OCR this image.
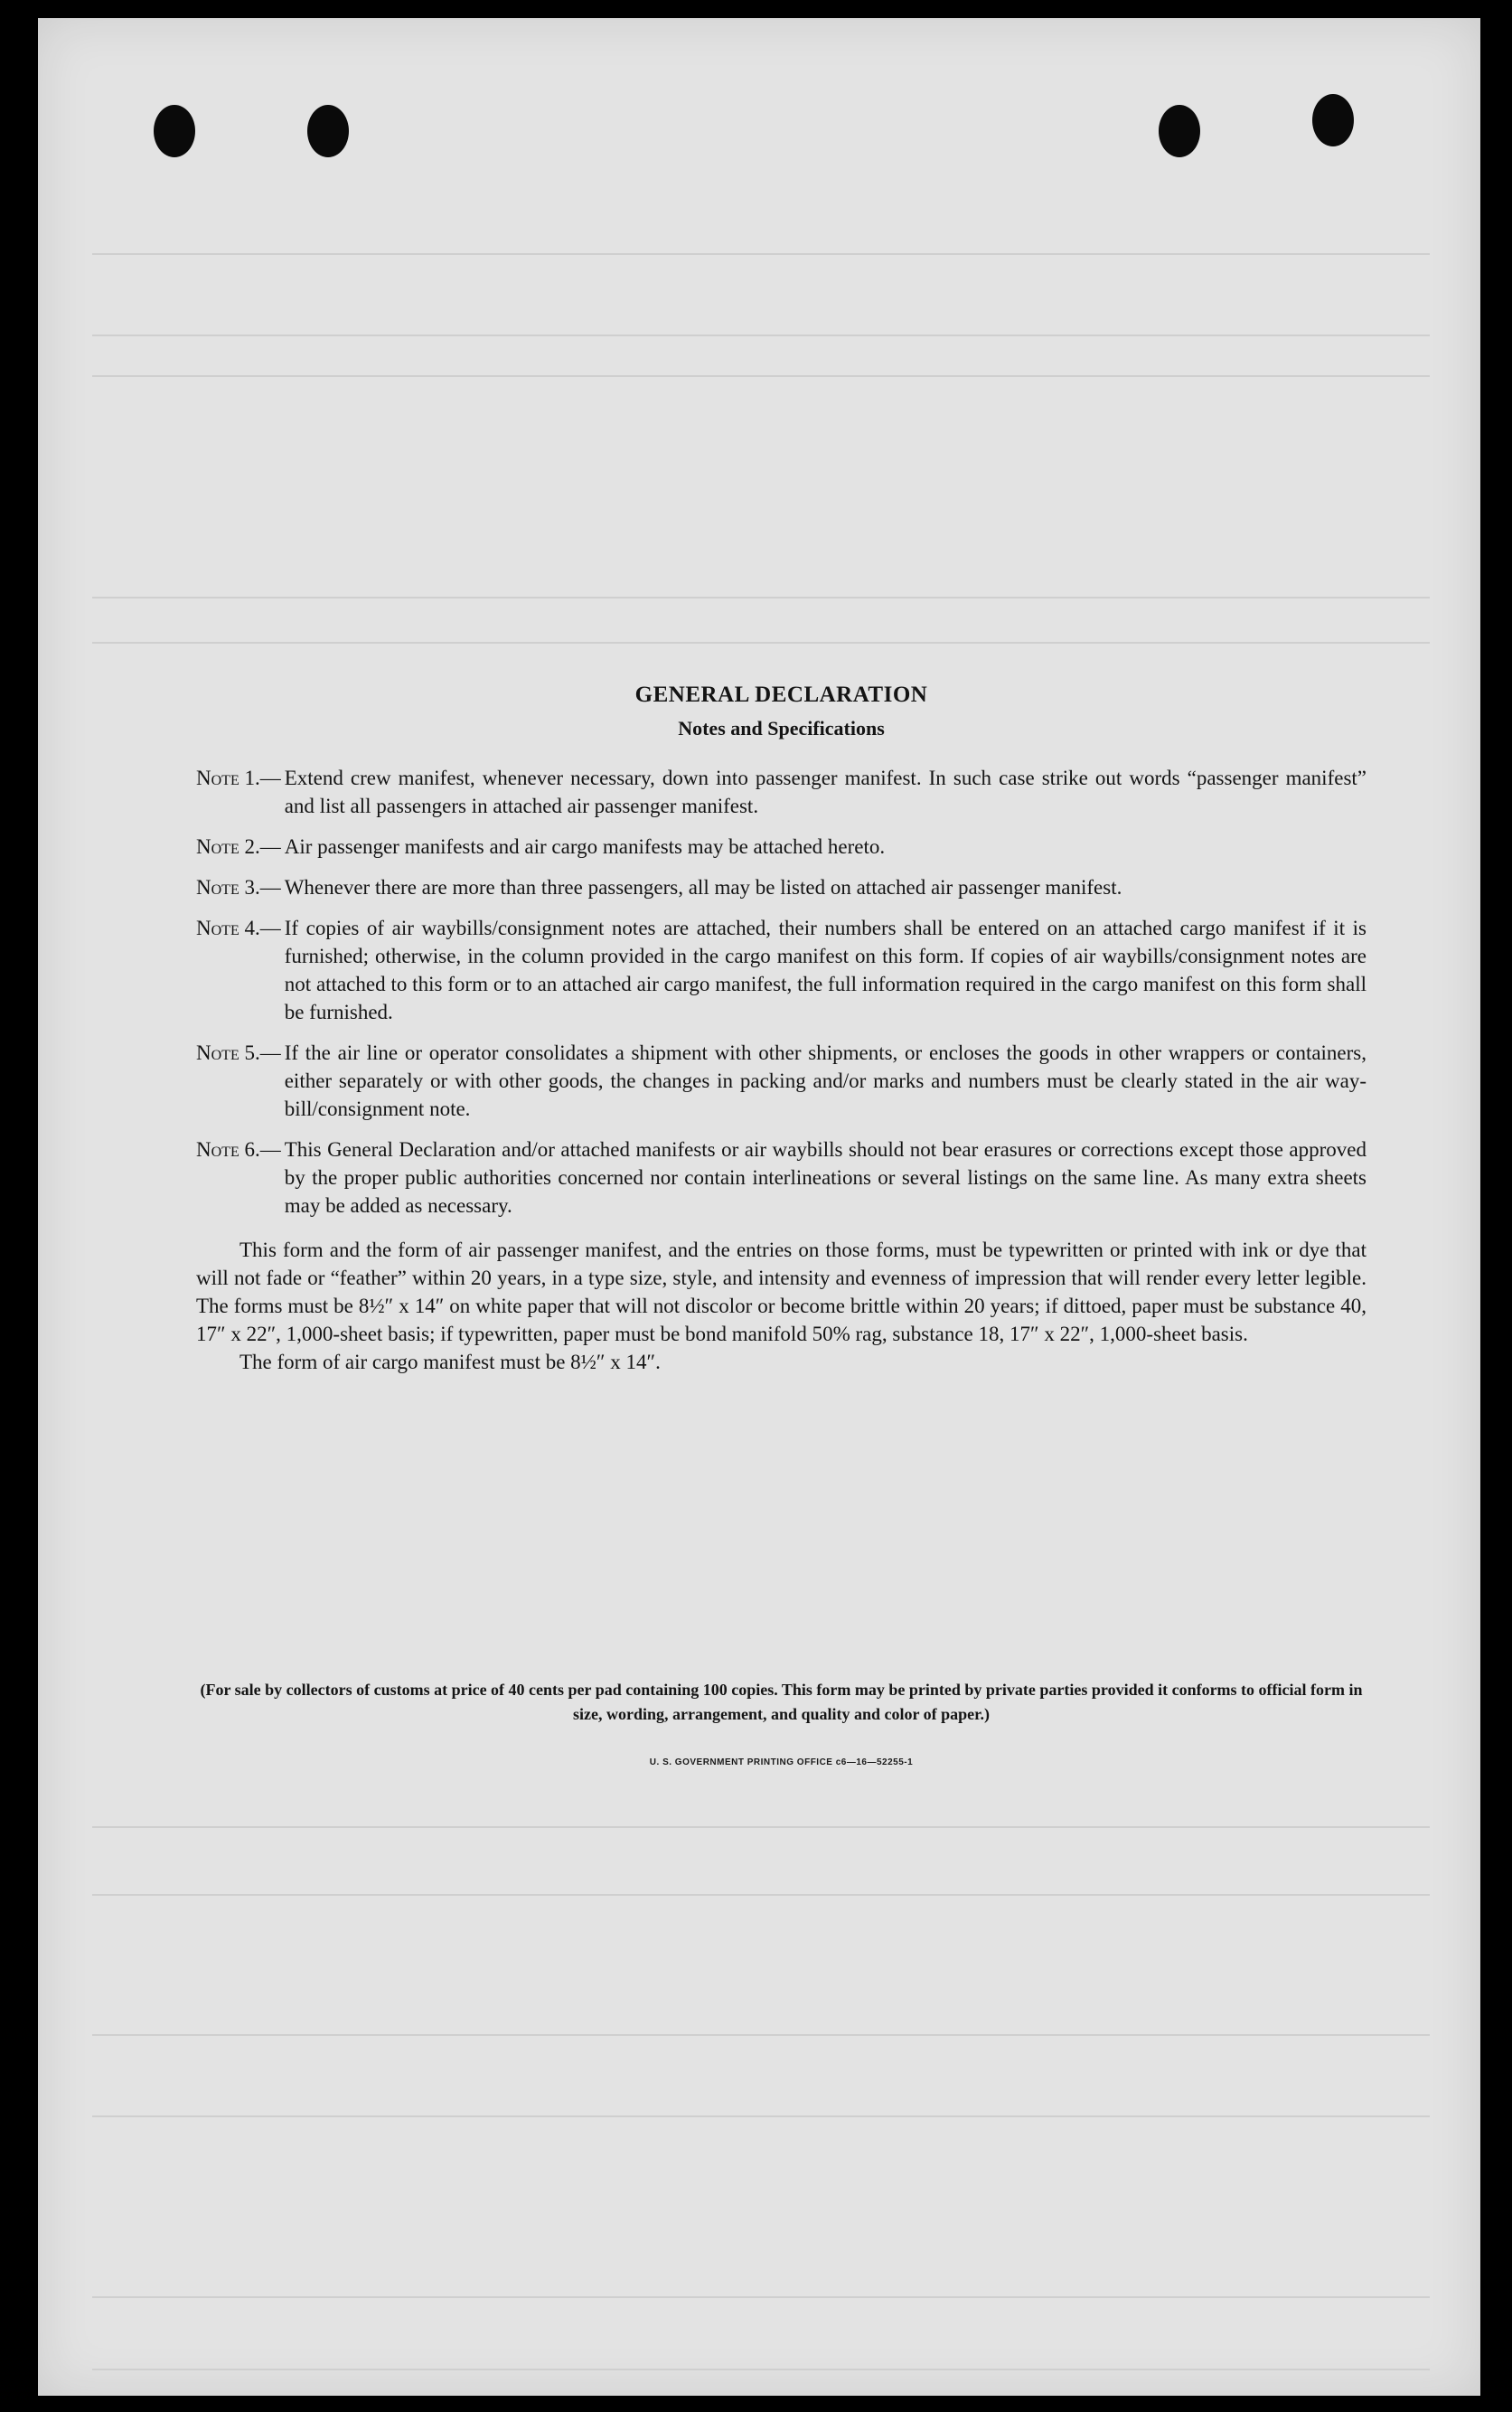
GENERAL DECLARATION
Notes and Specifications
Note 1.— Extend crew manifest, whenever necessary, down into passenger manifest. In such case strike out words “passenger manifest” and list all passengers in attached air passenger manifest.
Note 2.— Air passenger manifests and air cargo manifests may be attached hereto.
Note 3.— Whenever there are more than three passengers, all may be listed on attached air passenger manifest.
Note 4.— If copies of air waybills/consignment notes are attached, their numbers shall be entered on an attached cargo manifest if it is furnished; otherwise, in the column provided in the cargo manifest on this form. If copies of air waybills/consignment notes are not attached to this form or to an attached air cargo manifest, the full information required in the cargo manifest on this form shall be furnished.
Note 5.— If the air line or operator consolidates a shipment with other shipments, or encloses the goods in other wrappers or containers, either separately or with other goods, the changes in packing and/or marks and numbers must be clearly stated in the air waybill/consignment note.
Note 6.— This General Declaration and/or attached manifests or air waybills should not bear erasures or corrections except those approved by the proper public authorities concerned nor contain interlineations or several listings on the same line. As many extra sheets may be added as necessary.

This form and the form of air passenger manifest, and the entries on those forms, must be typewritten or printed with ink or dye that will not fade or “feather” within 20 years, in a type size, style, and intensity and evenness of impression that will render every letter legible. The forms must be 8½″ x 14″ on white paper that will not discolor or become brittle within 20 years; if dittoed, paper must be substance 40, 17″ x 22″, 1,000-sheet basis; if typewritten, paper must be bond manifold 50% rag, substance 18, 17″ x 22″, 1,000-sheet basis.

The form of air cargo manifest must be 8½″ x 14″.

(For sale by collectors of customs at price of 40 cents per pad containing 100 copies. This form may be printed by private parties provided it conforms to official form in size, wording, arrangement, and quality and color of paper.)
U. S. GOVERNMENT PRINTING OFFICE c6—16—52255-1
